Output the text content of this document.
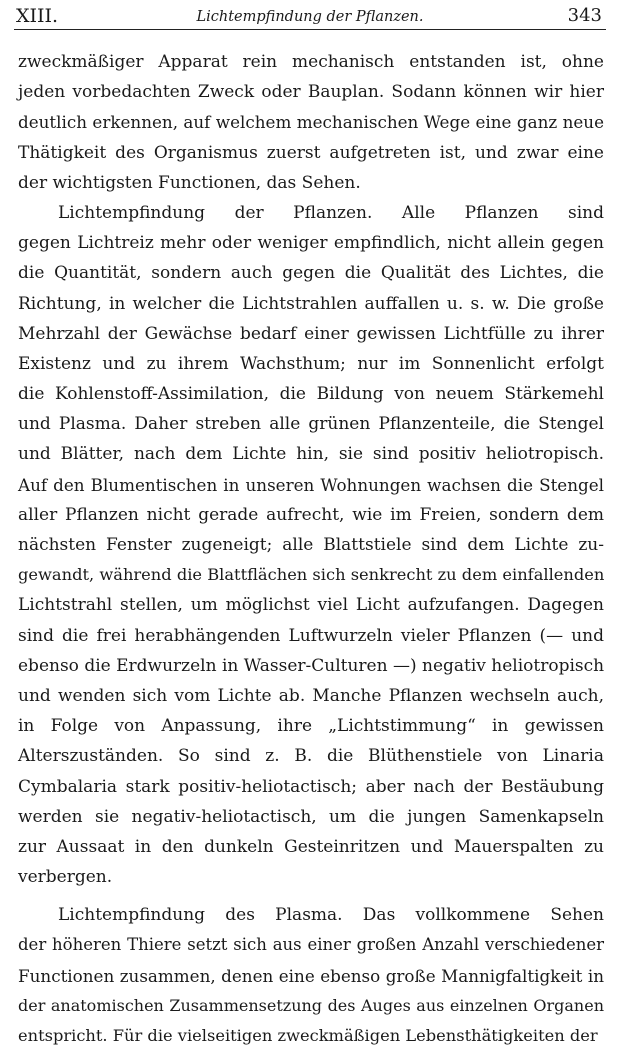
XIII.	Lichtempfindung der Pflanzen.	343
zweckmäßiger Apparat rein mechanisch entstanden ist, ohne
jeden vorbedachten Zweck oder Bauplan. Sodann können wir hier
deutlich erkennen, auf welchem mechanischen Wege eine ganz neue
Thätigkeit des Organismus zuerst aufgetreten ist, und zwar eine
der wichtigsten Functionen, das Sehen.
Lichtempfindung der Pflanzen. Alle Pflanzen sind
gegen Lichtreiz mehr oder weniger empfindlich, nicht allein gegen
die Quantität, sondern auch gegen die Qualität des Lichtes, die
Richtung, in welcher die Lichtstrahlen auffallen u. s. w. Die große
Mehrzahl der Gewächse bedarf einer gewissen Lichtfülle zu ihrer
Existenz und zu ihrem Wachsthum; nur im Sonnenlicht erfolgt
die Kohlenstoff-Assimilation, die Bildung von neuem Stärkemehl
und Plasma. Daher streben alle grünen Pflanzenteile, die Stengel
und Blätter, nach dem Lichte hin, sie sind positiv heliotropisch.
Auf den Blumentischen in unseren Wohnungen wachsen die Stengel
aller Pflanzen nicht gerade aufrecht, wie im Freien, sondern dem
nächsten Fenster zugeneigt; alle Blattstiele sind dem Lichte zu-
gewandt, während die Blattflächen sich senkrecht zu dem einfallenden
Lichtstrahl stellen, um möglichst viel Licht aufzufangen. Dagegen
sind die frei herabhängenden Luftwurzeln vieler Pflanzen (— und
ebenso die Erdwurzeln in Wasser-Culturen —) negativ heliotropisch
und wenden sich vom Lichte ab. Manche Pflanzen wechseln auch,
in Folge von Anpassung, ihre „Lichtstimmung“ in gewissen
Alterszuständen. So sind z. B. die Blüthenstiele von Linaria
Cymbalaria stark positiv-heliotactisch; aber nach der Bestäubung
werden sie negativ-heliotactisch, um die jungen Samenkapseln
zur Aussaat in den dunkeln Gesteinritzen und Mauerspalten zu
verbergen.
Lichtempfindung des Plasma. Das vollkommene Sehen
der höheren Thiere setzt sich aus einer großen Anzahl verschiedener
Functionen zusammen, denen eine ebenso große Mannigfaltigkeit in
der anatomischen Zusammensetzung des Auges aus einzelnen Organen
entspricht. Für die vielseitigen zweckmäßigen Lebensthätigkeiten der
